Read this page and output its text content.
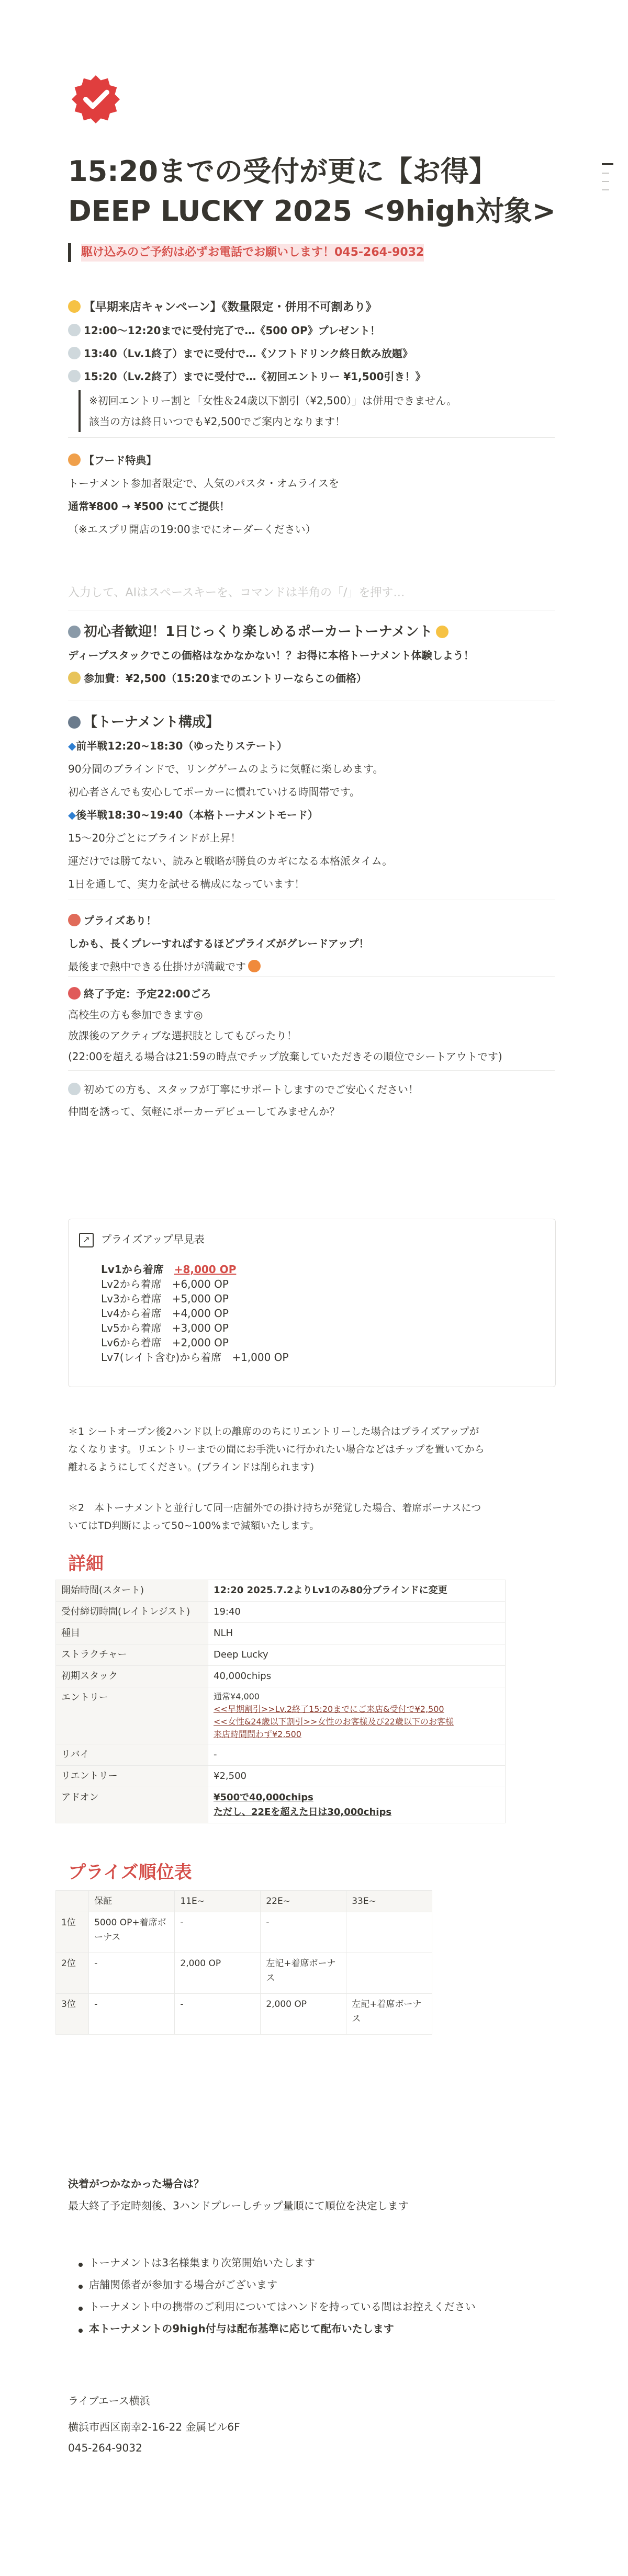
15:20までの受付が更に【お得】
DEEP LUCKY 2025 <9high対象>
駆け込みのご予約は必ずお電話でお願いします！045-264-9032
【早期来店キャンペーン】《数量限定・併用不可割あり》
12:00〜12:20までに受付完了で…《500 OP》プレゼント！
13:40（Lv.1終了）までに受付で…《ソフトドリンク終日飲み放題》
15:20（Lv.2終了）までに受付で…《初回エントリー ¥1,500引き！》
※初回エントリー割と「女性＆24歳以下割引（¥2,500）」は併用できません。
該当の方は終日いつでも¥2,500でご案内となります！
【フード特典】
トーナメント参加者限定で、人気のパスタ・オムライスを
通常¥800 → ¥500 にてご提供！
（※エスプリ開店の19:00までにオーダーください）
入力して、AIはスペースキーを、コマンドは半角の「/」を押す…
初心者歓迎！1日じっくり楽しめるポーカートーナメント
ディープスタックでこの価格はなかなかない！？お得に本格トーナメント体験しよう！
参加費：¥2,500（15:20までのエントリーならこの価格）
【トーナメント構成】
◆前半戦12:20~18:30（ゆったりステート）
90分間のブラインドで、リングゲームのように気軽に楽しめます。
初心者さんでも安心してポーカーに慣れていける時間帯です。
◆後半戦18:30~19:40（本格トーナメントモード）
15〜20分ごとにブラインドが上昇！
運だけでは勝てない、読みと戦略が勝負のカギになる本格派タイム。
1日を通して、実力を試せる構成になっています！
プライズあり！
しかも、長くプレーすればするほどプライズがグレードアップ！
最後まで熱中できる仕掛けが満載です
終了予定：予定22:00ごろ
高校生の方も参加できます◎
放課後のアクティブな選択肢としてもぴったり！
(22:00を超える場合は21:59の時点でチップ放棄していただきその順位でシートアウトです)
初めての方も、スタッフが丁寧にサポートしますのでご安心ください！
仲間を誘って、気軽にポーカーデビューしてみませんか？
↗	プライズアップ早見表
Lv1から着席　 +8,000 OP
Lv2から着席　 +6,000 OP
Lv3から着席　 +5,000 OP
Lv4から着席　 +4,000 OP
Lv5から着席　 +3,000 OP
Lv6から着席　 +2,000 OP
Lv7(レイト含む)から着席　 +1,000 OP
＊1 シートオープン後2ハンド以上の離席ののちにリエントリーした場合はプライズアップが
なくなります。リエントリーまでの間にお手洗いに行かれたい場合などはチップを置いてから
離れるようにしてください。(ブラインドは削られます)
＊2　本トーナメントと並行して同一店舗外での掛け持ちが発覚した場合、着席ボーナスにつ
いてはTD判断によって50~100%まで減額いたします。
詳細
開始時間(スタート)	12:20 2025.7.2よりLv1のみ80分ブラインドに変更
受付締切時間(レイトレジスト)	19:40
種目	NLH
ストラクチャー	Deep Lucky
初期スタック	40,000chips
エントリー	通常¥4,000
<<早期割引>>Lv.2終了15:20までにご来店&受付で¥2,500
<<女性&24歳以下割引>>女性のお客様及び22歳以下のお客様
来店時間問わず¥2,500

リバイ	-
リエントリー	¥2,500
アドオン	¥500で40,000chips
ただし、22Eを超えた日は30,000chips
プライズ順位表
	保証	11E~	22E~	33E~
1位	5000 OP+着席ボーナス	-	-	
2位	-	2,000 OP	左記+着席ボーナス	
3位	-	-	2,000 OP	左記+着席ボーナス
決着がつかなかった場合は？
最大終了予定時刻後、3ハンドプレーしチップ量順にて順位を決定します
トーナメントは3名様集まり次第開始いたします
店舗関係者が参加する場合がございます
トーナメント中の携帯のご利用についてはハンドを持っている間はお控えください
本トーナメントの9high付与は配布基準に応じて配布いたします
ライブエース横浜
横浜市西区南幸2-16-22 金属ビル6F
045-264-9032
